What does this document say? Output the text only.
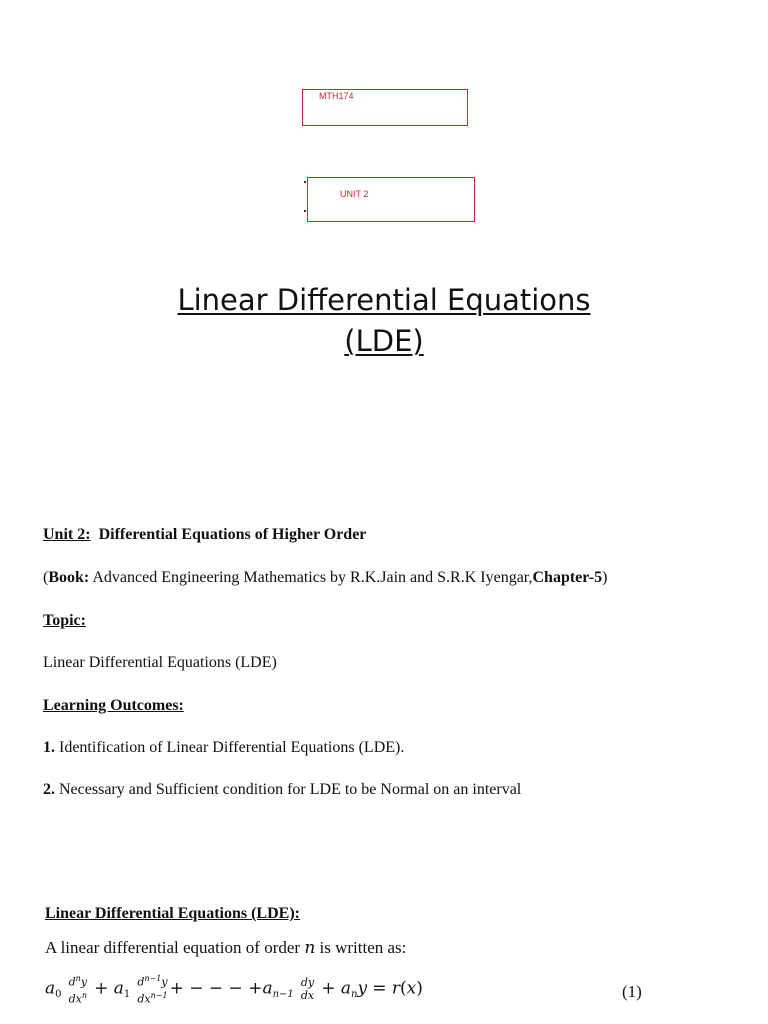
MTH174
UNIT 2
Linear Differential Equations
(LDE)
Unit 2: Differential Equations of Higher Order
(Book: Advanced Engineering Mathematics by R.K.Jain and S.R.K Iyengar,Chapter-5)
Topic:
Linear Differential Equations (LDE)
Learning Outcomes:
1. Identification of Linear Differential Equations (LDE).
2. Necessary and Sufficient condition for LDE to be Normal on an interval
Linear Differential Equations (LDE):
A linear differential equation of order n is written as:
$a_0$
$d^ny$
$dx^n + a_1$
$d^{n-1}y$
$dx^{n-1}$ + − − − $+a_{n-1}$
dy
dx + $a_ny = r(x)$	(1)
